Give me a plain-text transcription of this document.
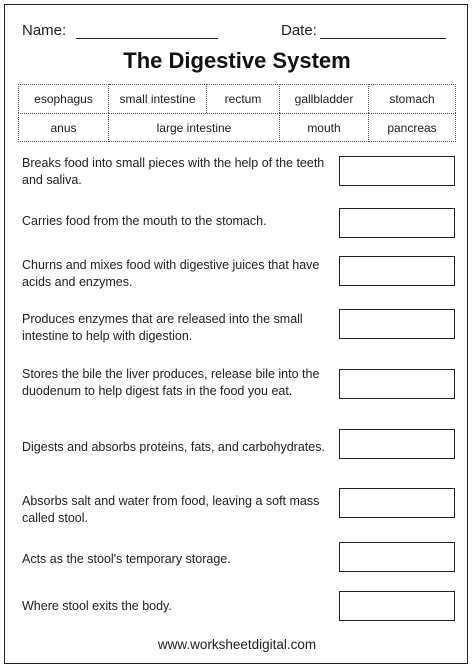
Name:	Date:
The Digestive System
esophagus	small intestine	rectum	gallbladder	stomach
anus	large intestine	mouth	pancreas
Breaks food into small pieces with the help of the teeth and saliva.
Carries food from the mouth to the stomach.
Churns and mixes food with digestive juices that have acids and enzymes.
Produces enzymes that are released into the small intestine to help with digestion.
Stores the bile the liver produces, release bile into the duodenum to help digest fats in the food you eat.
Digests and absorbs proteins, fats, and carbohydrates.
Absorbs salt and water from food, leaving a soft mass called stool.
Acts as the stool's temporary storage.
Where stool exits the body.
www.worksheetdigital.com
